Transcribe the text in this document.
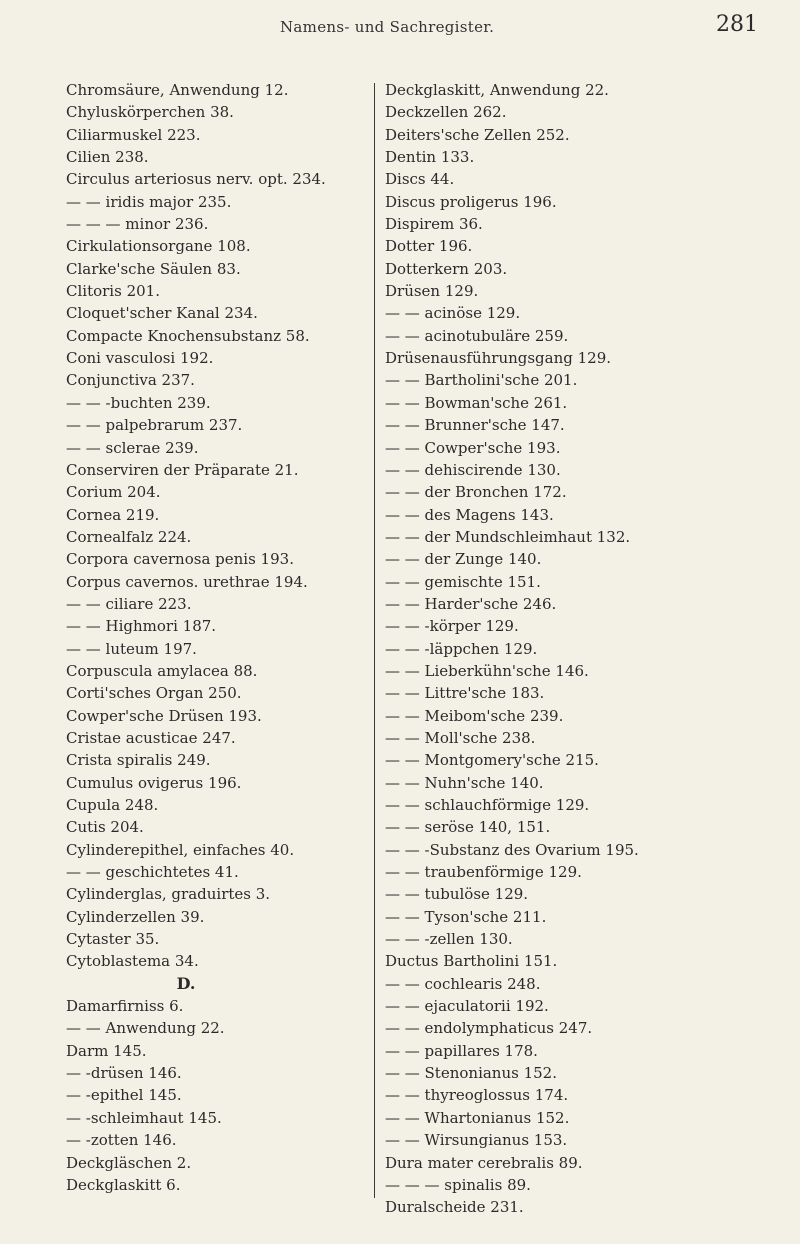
Namens- und Sachregister.	281
Chromsäure, Anwendung 12.
Chyluskörperchen 38.
Ciliarmuskel 223.
Cilien 238.
Circulus arteriosus nerv. opt. 234.
— — iridis major 235.
— — — minor 236.
Cirkulationsorgane 108.
Clarke'sche Säulen 83.
Clitoris 201.
Cloquet'scher Kanal 234.
Compacte Knochensubstanz 58.
Coni vasculosi 192.
Conjunctiva 237.
— — -buchten 239.
— — palpebrarum 237.
— — sclerae 239.
Conserviren der Präparate 21.
Corium 204.
Cornea 219.
Cornealfalz 224.
Corpora cavernosa penis 193.
Corpus cavernos. urethrae 194.
— — ciliare 223.
— — Highmori 187.
— — luteum 197.
Corpuscula amylacea 88.
Corti'sches Organ 250.
Cowper'sche Drüsen 193.
Cristae acusticae 247.
Crista spiralis 249.
Cumulus ovigerus 196.
Cupula 248.
Cutis 204.
Cylinderepithel, einfaches 40.
— — geschichtetes 41.
Cylinderglas, graduirtes 3.
Cylinderzellen 39.
Cytaster 35.
Cytoblastema 34.
D.
Damarfirniss 6.
— — Anwendung 22.
Darm 145.
— -drüsen 146.
— -epithel 145.
— -schleimhaut 145.
— -zotten 146.
Deckgläschen 2.
Deckglaskitt 6.
Deckglaskitt, Anwendung 22.
Deckzellen 262.
Deiters'sche Zellen 252.
Dentin 133.
Discs 44.
Discus proligerus 196.
Dispirem 36.
Dotter 196.
Dotterkern 203.
Drüsen 129.
— — acinöse 129.
— — acinotubuläre 259.
Drüsenausführungsgang 129.
— — Bartholini'sche 201.
— — Bowman'sche 261.
— — Brunner'sche 147.
— — Cowper'sche 193.
— — dehiscirende 130.
— — der Bronchen 172.
— — des Magens 143.
— — der Mundschleimhaut 132.
— — der Zunge 140.
— — gemischte 151.
— — Harder'sche 246.
— — -körper 129.
— — -läppchen 129.
— — Lieberkühn'sche 146.
— — Littre'sche 183.
— — Meibom'sche 239.
— — Moll'sche 238.
— — Montgomery'sche 215.
— — Nuhn'sche 140.
— — schlauchförmige 129.
— — seröse 140, 151.
— — -Substanz des Ovarium 195.
— — traubenförmige 129.
— — tubulöse 129.
— — Tyson'sche 211.
— — -zellen 130.
Ductus Bartholini 151.
— — cochlearis 248.
— — ejaculatorii 192.
— — endolymphaticus 247.
— — papillares 178.
— — Stenonianus 152.
— — thyreoglossus 174.
— — Whartonianus 152.
— — Wirsungianus 153.
Dura mater cerebralis 89.
— — — spinalis 89.
Duralscheide 231.
